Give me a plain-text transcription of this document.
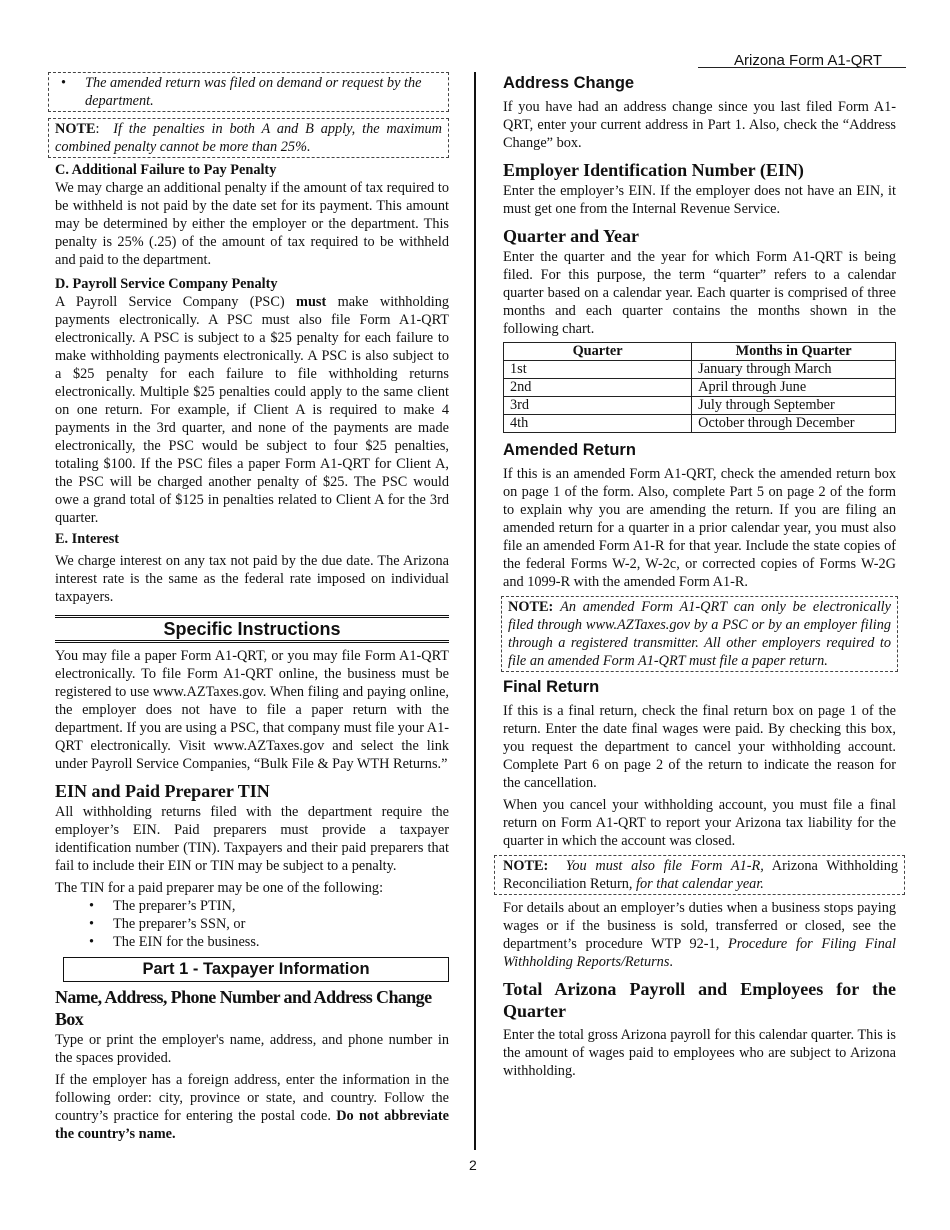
Arizona Form A1-QRT
• The amended return was filed on demand or request by the department.
NOTE:  If the penalties in both A and B apply, the maximum combined penalty cannot be more than 25%.

C. Additional Failure to Pay Penalty

We may charge an additional penalty if the amount of tax required to be withheld is not paid by the date set for its payment. This amount may be determined by either the employer or the department. This penalty is 25% (.25) of the amount of tax required to be withheld and paid to the department.

D. Payroll Service Company Penalty

A Payroll Service Company (PSC) must make withholding payments electronically. A PSC must also file Form A1-QRT electronically. A PSC is subject to a $25 penalty for each failure to make withholding payments electronically. A PSC is also subject to a $25 penalty for each failure to file withholding returns electronically. Multiple $25 penalties could apply to the same client on one return. For example, if Client A is required to make 4 payments in the 3rd quarter, and none of the payments are made electronically, the PSC would be subject to four $25 penalties, totaling $100. If the PSC files a paper Form A1-QRT for Client A, the PSC will be charged another penalty of $25. The PSC would owe a grand total of $125 in penalties related to Client A for the 3rd quarter.

E. Interest

We charge interest on any tax not paid by the due date. The Arizona interest rate is the same as the federal rate imposed on individual taxpayers.

Specific Instructions

You may file a paper Form A1-QRT, or you may file Form A1-QRT electronically. To file Form A1-QRT online, the business must be registered to use www.AZTaxes.gov. When filing and paying online, the employer does not have to file a paper return with the department. If you are using a PSC, that company must file your A1-QRT electronically. Visit www.AZTaxes.gov and select the link under Payroll Service Companies, “Bulk File & Pay WTH Returns.”

EIN and Paid Preparer TIN

All withholding returns filed with the department require the employer’s EIN. Paid preparers must provide a taxpayer identification number (TIN). Taxpayers and their paid preparers that fail to include their EIN or TIN may be subject to a penalty.

The TIN for a paid preparer may be one of the following:

• The preparer’s PTIN,
• The preparer’s SSN, or
• The EIN for the business.
Part 1 - Taxpayer Information

Name, Address, Phone Number and Address Change Box

Type or print the employer's name, address, and phone number in the spaces provided.

If the employer has a foreign address, enter the information in the following order: city, province or state, and country. Follow the country’s practice for entering the postal code. Do not abbreviate the country’s name.

Address Change

If you have had an address change since you last filed Form A1-QRT, enter your current address in Part 1. Also, check the “Address Change” box.

Employer Identification Number (EIN)

Enter the employer’s EIN. If the employer does not have an EIN, it must get one from the Internal Revenue Service.

Quarter and Year

Enter the quarter and the year for which Form A1-QRT is being filed. For this purpose, the term “quarter” refers to a calendar quarter based on a calendar year. Each quarter is comprised of three months and each quarter contains the months shown in the following chart.

Quarter	Months in Quarter
1st	January through March
2nd	April through June
3rd	July through September
4th	October through December

Amended Return

If this is an amended Form A1-QRT, check the amended return box on page 1 of the form. Also, complete Part 5 on page 2 of the form to explain why you are amending the return. If you are filing an amended return for a quarter in a prior calendar year, you must also file an amended Form A1-R for that year. Include the state copies of the federal Forms W-2, W-2c, or corrected copies of Forms W-2G and 1099-R with the amended Form A1-R.

NOTE: An amended Form A1-QRT can only be electronically filed through www.AZTaxes.gov by a PSC or by an employer filing through a registered transmitter. All other employers required to file an amended Form A1-QRT must file a paper return.

Final Return

If this is a final return, check the final return box on page 1 of the return. Enter the date final wages were paid. By checking this box, you request the department to cancel your withholding account. Complete Part 6 on page 2 of the return to indicate the reason for the cancellation.

When you cancel your withholding account, you must file a final return on Form A1-QRT to report your Arizona tax liability for the quarter in which the account was closed.

NOTE: You must also file Form A1-R, Arizona Withholding Reconciliation Return, for that calendar year.

For details about an employer’s duties when a business stops paying wages or if the business is sold, transferred or closed, see the department’s procedure WTP 92-1, Procedure for Filing Final Withholding Reports/Returns.

Total Arizona Payroll and Employees for the Quarter

Enter the total gross Arizona payroll for this calendar quarter. This is the amount of wages paid to employees who are subject to Arizona withholding.

2
